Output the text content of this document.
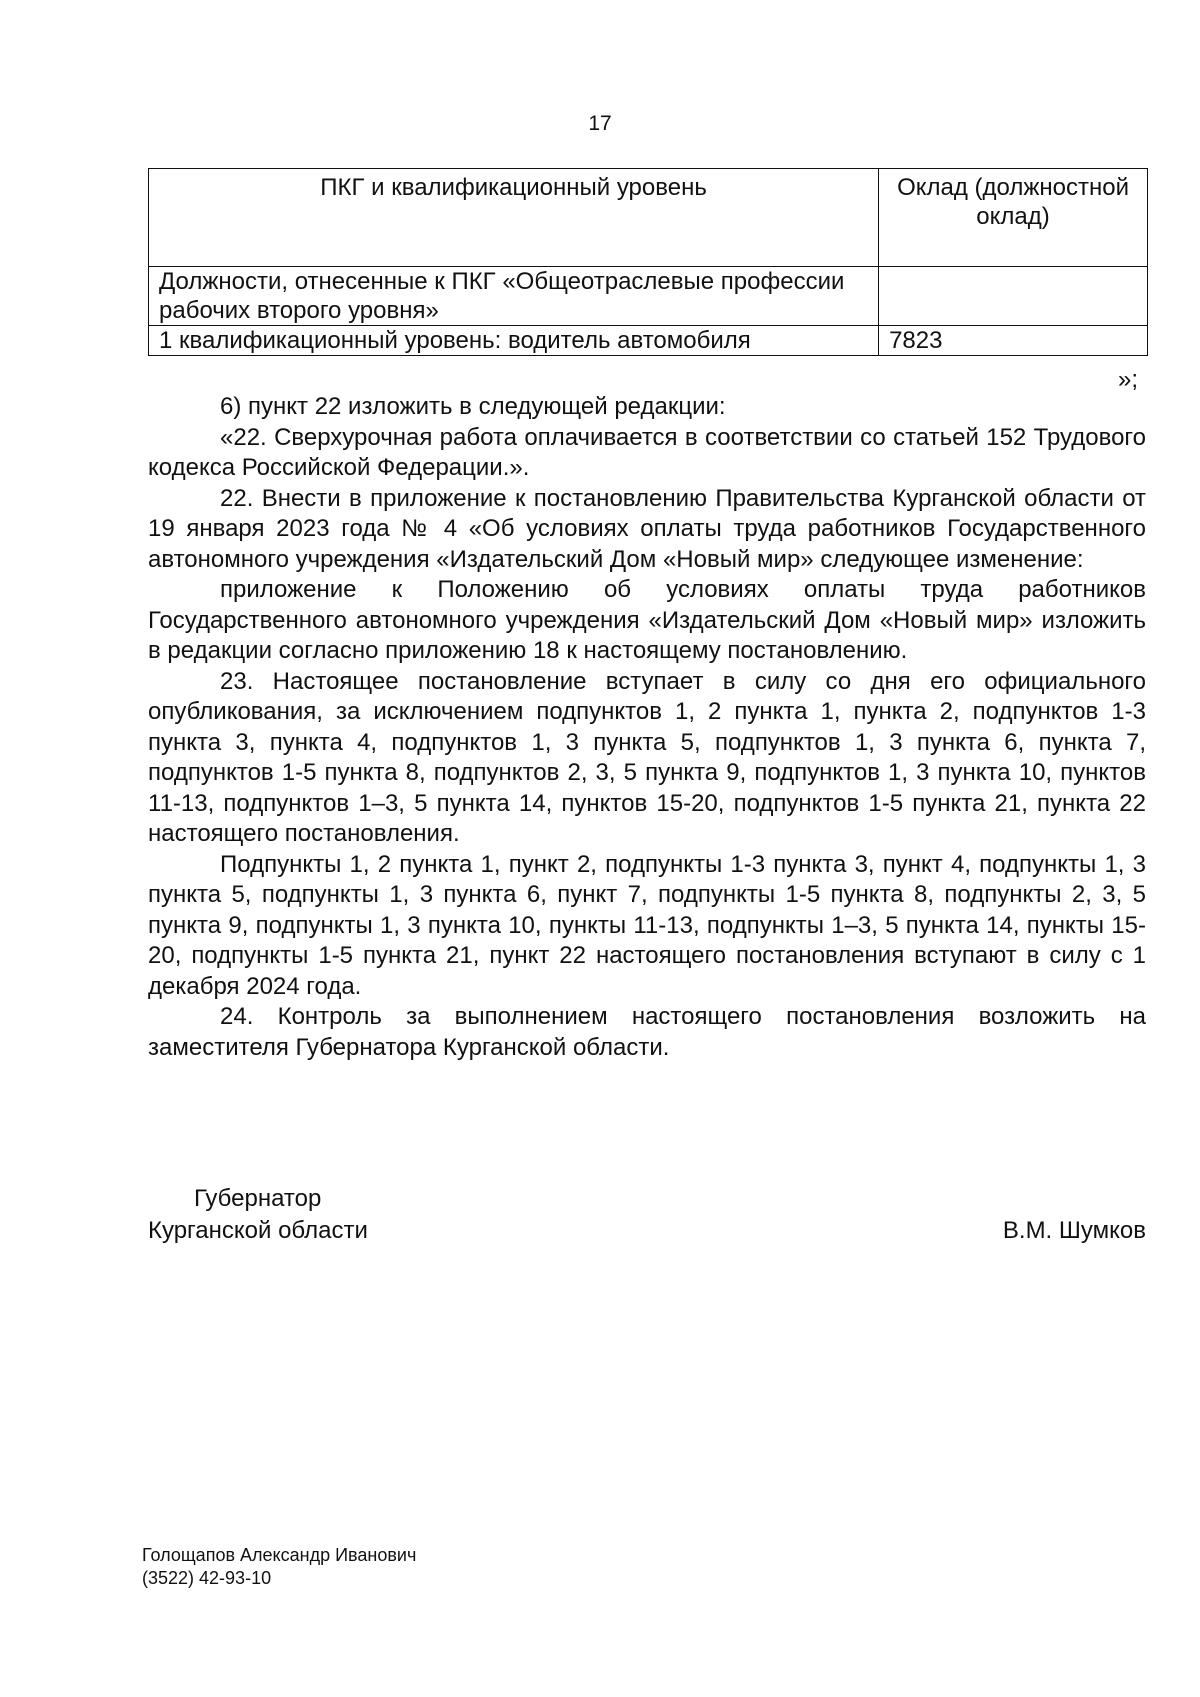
17
ПКГ и квалификационный уровень	Оклад (должностной оклад)
Должности, отнесенные к ПКГ «Общеотраслевые профессии рабочих второго уровня»	
1 квалификационный уровень: водитель автомобиля	7823
»;

6) пункт 22 изложить в следующей редакции:

«22. Сверхурочная работа оплачивается в соответствии со статьей 152 Трудового кодекса Российской Федерации.».

22. Внести в приложение к постановлению Правительства Курганской области от 19 января 2023 года № 4 «Об условиях оплаты труда работников Государственного автономного учреждения «Издательский Дом «Новый мир» следующее изменение:

приложение к Положению об условиях оплаты труда работников Государственного автономного учреждения «Издательский Дом «Новый мир» изложить в редакции согласно приложению 18 к настоящему постановлению.

23. Настоящее постановление вступает в силу со дня его официального опубликования, за исключением подпунктов 1, 2 пункта 1, пункта 2, подпунктов 1-3 пункта 3, пункта 4, подпунктов 1, 3 пункта 5, подпунктов 1, 3 пункта 6, пункта 7, подпунктов 1-5 пункта 8, подпунктов 2, 3, 5 пункта 9, подпунктов 1, 3 пункта 10, пунктов 11-13, подпунктов 1–3, 5 пункта 14, пунктов 15-20, подпунктов 1-5 пункта 21, пункта 22 настоящего постановления.

Подпункты 1, 2 пункта 1, пункт 2, подпункты 1-3 пункта 3, пункт 4, подпункты 1, 3 пункта 5, подпункты 1, 3 пункта 6, пункт 7, подпункты 1-5 пункта 8, подпункты 2, 3, 5 пункта 9, подпункты 1, 3 пункта 10, пункты 11-13, подпункты 1–3, 5 пункта 14, пункты 15-20, подпункты 1-5 пункта 21, пункт 22 настоящего постановления вступают в силу с 1 декабря 2024 года.

24. Контроль за выполнением настоящего постановления возложить на заместителя Губернатора Курганской области.

Губернатор
Курганской области	В.М. Шумков
Голощапов Александр Иванович
(3522) 42-93-10
